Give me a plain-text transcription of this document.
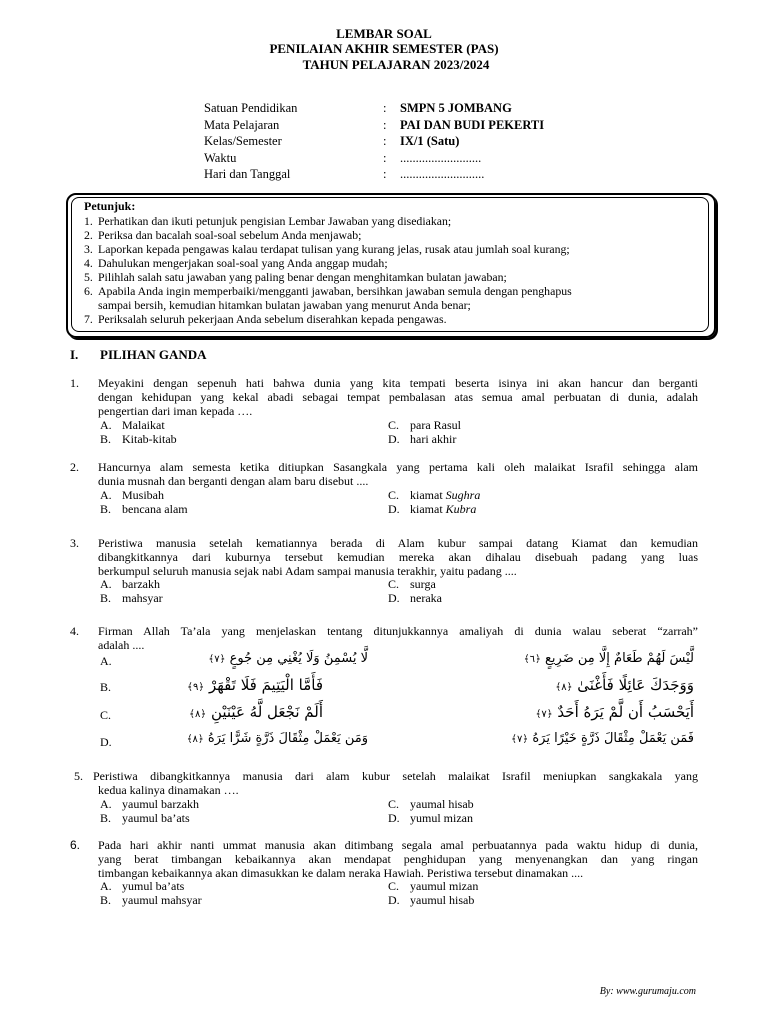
LEMBAR SOAL
PENILAIAN AKHIR SEMESTER (PAS)
TAHUN PELAJARAN 2023/2024
Satuan Pendidikan	: SMPN 5 JOMBANG
Mata Pelajaran	: PAI DAN BUDI PEKERTI
Kelas/Semester	: IX/1 (Satu)
Waktu	: ..........................
Hari dan Tanggal	: ...........................
Petunjuk:
1. Perhatikan dan ikuti petunjuk pengisian Lembar Jawaban yang disediakan;
2. Periksa dan bacalah soal-soal sebelum Anda menjawab;
3. Laporkan kepada pengawas kalau terdapat tulisan yang kurang jelas, rusak atau jumlah soal kurang;
4. Dahulukan mengerjakan soal-soal yang Anda anggap mudah;
5. Pilihlah salah satu jawaban yang paling benar dengan menghitamkan bulatan jawaban;
6. Apabila Anda ingin memperbaiki/mengganti jawaban, bersihkan jawaban semula dengan penghapus
sampai bersih, kemudian hitamkan bulatan jawaban yang menurut Anda benar;
7. Periksalah seluruh pekerjaan Anda sebelum diserahkan kepada pengawas.
I. PILIHAN GANDA
1. Meyakini dengan sepenuh hati bahwa dunia yang kita tempati beserta isinya ini akan hancur dan berganti
dengan kehidupan yang kekal abadi sebagai tempat pembalasan atas semua amal perbuatan di dunia, adalah
pengertian dari iman kepada ….
A. Malaikat	C. para Rasul
B. Kitab-kitab	D. hari akhir
2. Hancurnya alam semesta ketika ditiupkan Sasangkala yang pertama kali oleh malaikat Israfil sehingga alam
dunia musnah dan berganti dengan alam baru disebut ....
A. Musibah	C. kiamat Sughra
B. bencana alam	D. kiamat Kubra
3. Peristiwa manusia setelah kematiannya berada di Alam kubur sampai datang Kiamat dan kemudian
dibangkitkannya dari kuburnya tersebut kemudian mereka akan dihalau disebuah padang yang luas
berkumpul seluruh manusia sejak nabi Adam sampai manusia terakhir, yaitu padang ....
A. barzakh	C. surga
B. mahsyar	D. neraka
4. Firman Allah Ta’ala yang menjelaskan tentang ditunjukkannya amaliyah di dunia walau seberat “zarrah”
adalah ....
A.	لَّيْسَ لَهُمْ طَعَامٌ إِلَّا مِن ضَرِيعٍ ﴿٦﴾
لَّا يُسْمِنُ وَلَا يُغْنِي مِن جُوعٍ ﴿٧﴾
B.	وَوَجَدَكَ عَائِلًا فَأَغْنَىٰ ﴿٨﴾
فَأَمَّا الْيَتِيمَ فَلَا تَقْهَرْ ﴿٩﴾
C.	أَيَحْسَبُ أَن لَّمْ يَرَهُ أَحَدٌ ﴿٧﴾
أَلَمْ نَجْعَل لَّهُ عَيْنَيْنِ ﴿٨﴾
D.	فَمَن يَعْمَلْ مِثْقَالَ ذَرَّةٍ خَيْرًا يَرَهُ ﴿٧﴾
وَمَن يَعْمَلْ مِثْقَالَ ذَرَّةٍ شَرًّا يَرَهُ ﴿٨﴾
5. Peristiwa dibangkitkannya manusia dari alam kubur setelah malaikat Israfil meniupkan sangkakala yang
kedua kalinya dinamakan ….
A. yaumul barzakh	C. yaumal hisab
B. yaumul ba’ats	D. yumul mizan
6. Pada hari akhir nanti ummat manusia akan ditimbang segala amal perbuatannya pada waktu hidup di dunia,
yang berat timbangan kebaikannya akan mendapat penghidupan yang menyenangkan dan yang ringan
timbangan kebaikannya akan dimasukkan ke dalam neraka Hawiah. Peristiwa tersebut dinamakan ....
A. yumul ba’ats	C. yaumul mizan
B. yaumul mahsyar	D. yaumul hisab
By: www.gurumaju.com
